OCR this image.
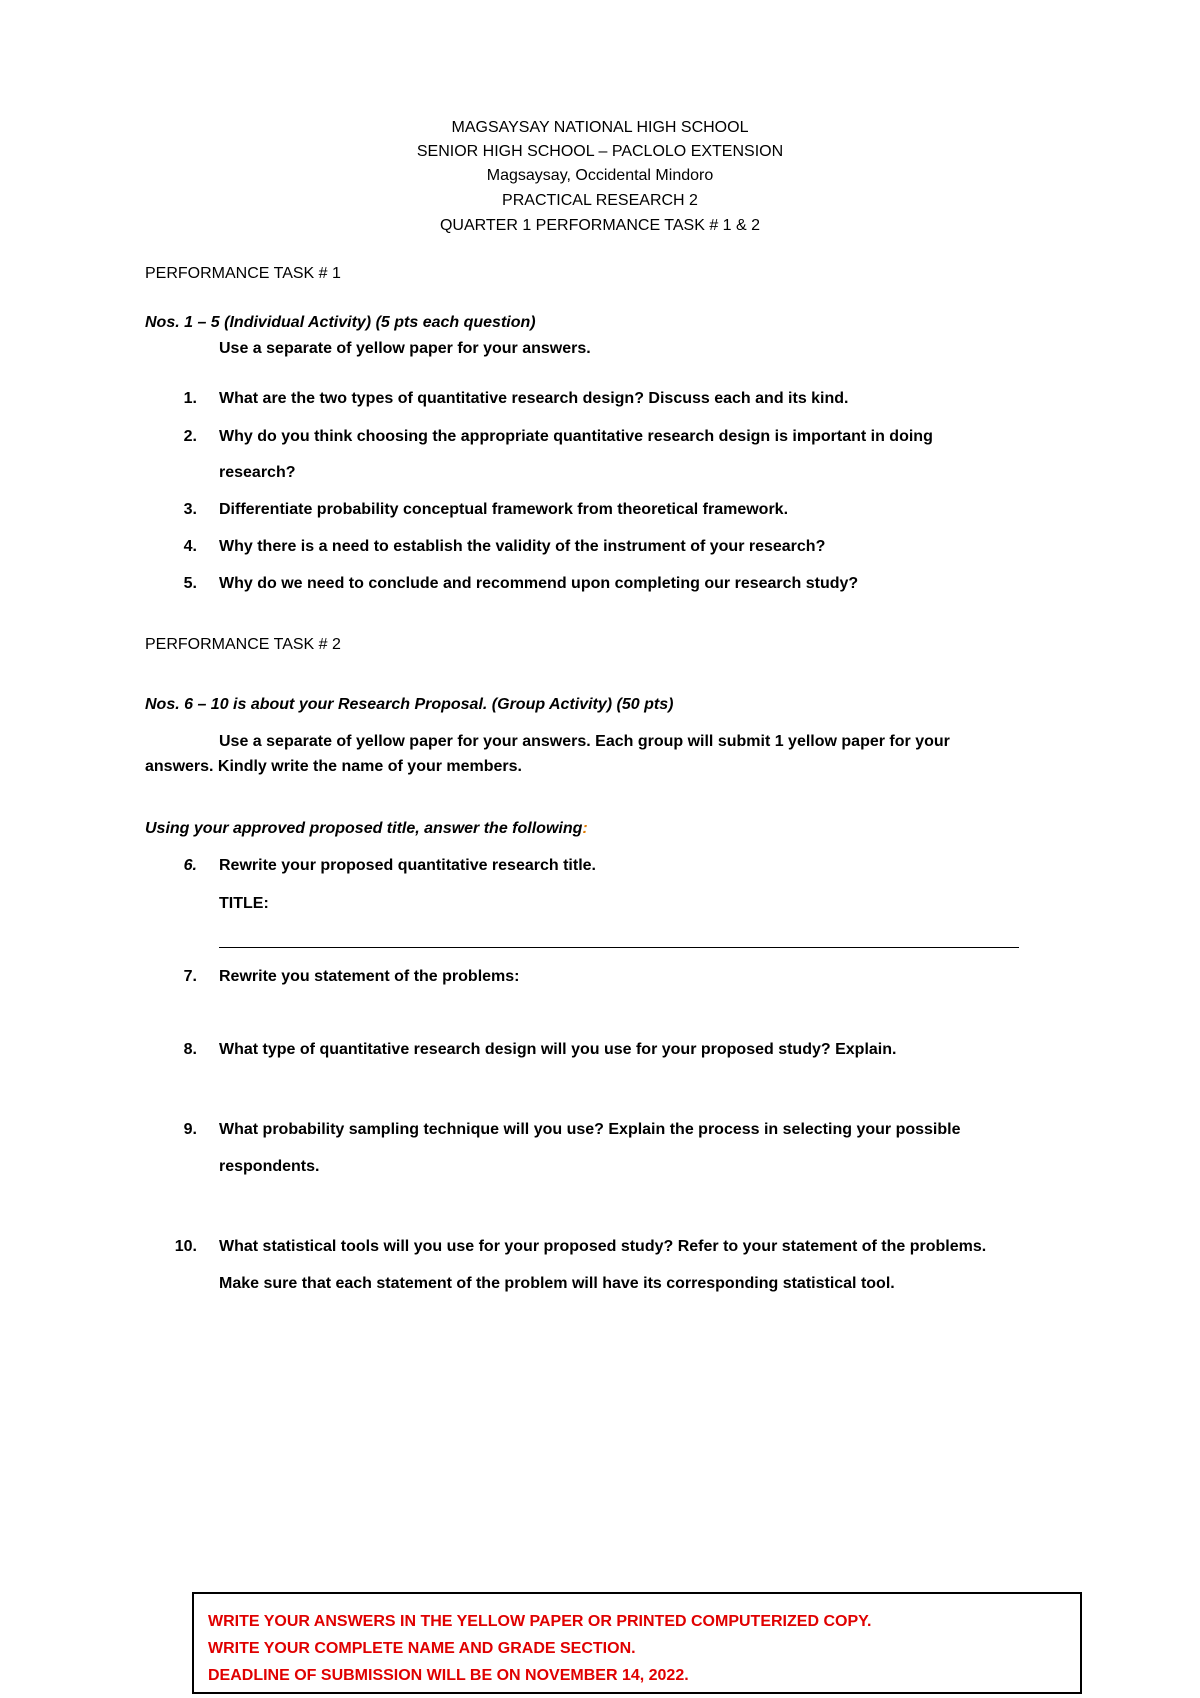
MAGSAYSAY NATIONAL HIGH SCHOOL
SENIOR HIGH SCHOOL – PACLOLO EXTENSION
Magsaysay, Occidental Mindoro
PRACTICAL RESEARCH 2
QUARTER 1 PERFORMANCE TASK # 1 & 2
PERFORMANCE TASK # 1
Nos. 1 – 5 (Individual Activity) (5 pts each question)
Use a separate of yellow paper for your answers.
1. What are the two types of quantitative research design? Discuss each and its kind.
2. Why do you think choosing the appropriate quantitative research design is important in doing
research?
3. Differentiate probability conceptual framework from theoretical framework.
4. Why there is a need to establish the validity of the instrument of your research?
5. Why do we need to conclude and recommend upon completing our research study?
PERFORMANCE TASK # 2
Nos. 6 – 10 is about your Research Proposal. (Group Activity) (50 pts)
Use a separate of yellow paper for your answers. Each group will submit 1 yellow paper for your
answers. Kindly write the name of your members.
Using your approved proposed title, answer the following:
6. Rewrite your proposed quantitative research title.
TITLE:
7. Rewrite you statement of the problems:
8. What type of quantitative research design will you use for your proposed study? Explain.
9. What probability sampling technique will you use? Explain the process in selecting your possible
respondents.
10. What statistical tools will you use for your proposed study? Refer to your statement of the problems.
Make sure that each statement of the problem will have its corresponding statistical tool.
WRITE YOUR ANSWERS IN THE YELLOW PAPER OR PRINTED COMPUTERIZED COPY.
WRITE YOUR COMPLETE NAME AND GRADE SECTION.
DEADLINE OF SUBMISSION WILL BE ON NOVEMBER 14, 2022.
